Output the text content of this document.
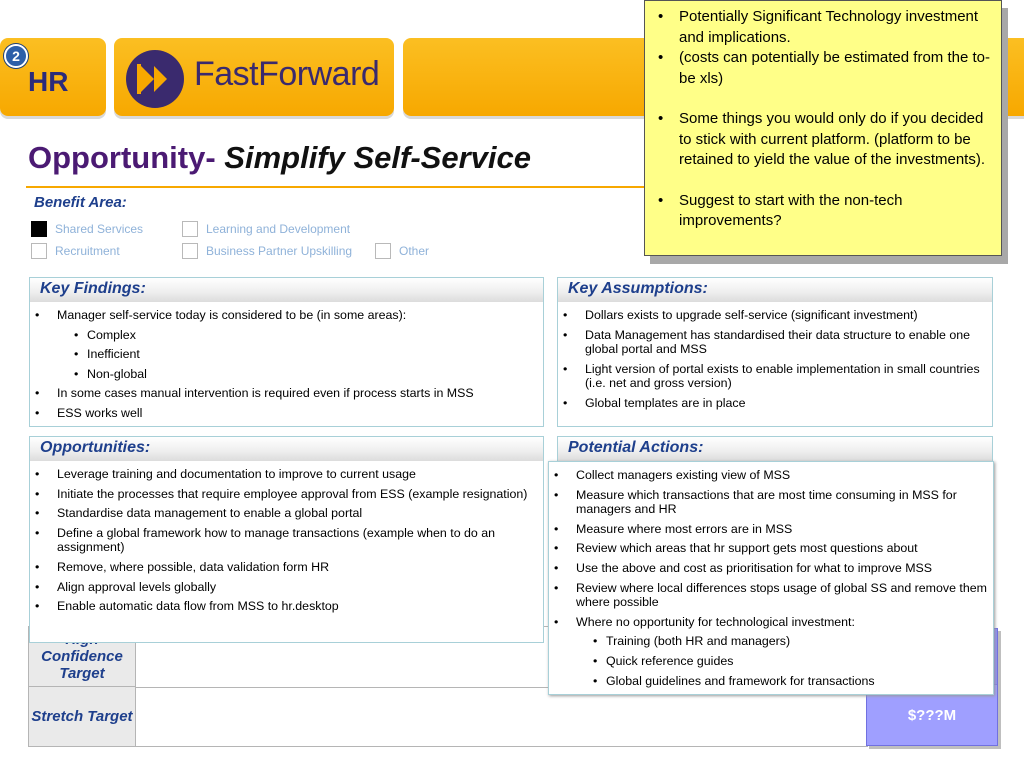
2
HR	FastForward
Opportunity- Simplify Self-Service
Benefit Area:
Shared Services	Learning and Development
Recruitment	Business Partner Upskilling	Other
Confidence Target
Stretch Target	$???M
Key Findings:
• Manager self-service today is considered to be (in some areas):
• Complex
• Inefficient
• Non-global
• In some cases manual intervention is required even if process starts in MSS
• ESS works well
Key Assumptions:
• Dollars exists to upgrade self-service (significant investment)
• Data Management has standardised their data structure to enable one global portal and MSS
• Light version of portal exists to enable implementation in small countries (i.e. net and gross version)
• Global templates are in place
Opportunities:
• Leverage training and documentation to improve to current usage
• Initiate the processes that require employee approval from ESS (example resignation)
• Standardise data management to enable a global portal
• Define a global framework how to manage transactions (example when to do an assignment)
• Remove, where possible, data validation form HR
• Align approval levels globally
• Enable automatic data flow from MSS to hr.desktop
Potential Actions:
• Collect managers existing view of MSS
• Measure which transactions that are most time consuming in MSS for managers and HR
• Measure where most errors are in MSS
• Review which areas that hr support gets most questions about
• Use the above and cost as prioritisation for what to improve MSS
• Review where local differences stops usage of global SS and remove them where possible
• Where no opportunity for technological investment:
• Training (both HR and managers)
• Quick reference guides
• Global guidelines and framework for transactions
• Potentially Significant Technology investment and implications.
• (costs can potentially be estimated from the to-be xls)
• Some things you would only do if you decided to stick with current platform. (platform to be retained to yield the value of the investments).
• Suggest to start with the non-tech improvements?
